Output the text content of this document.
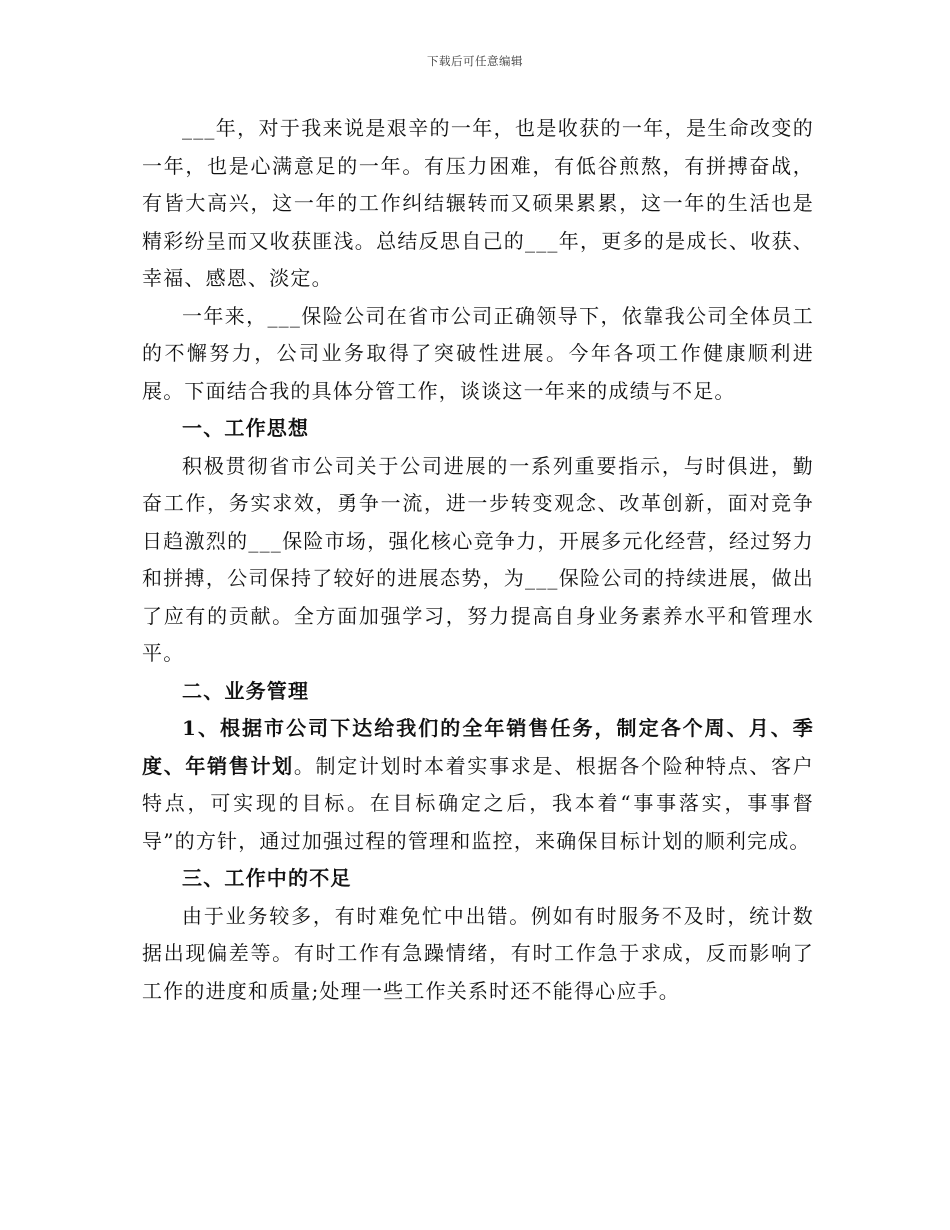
下载后可任意编辑

___年，对于我来说是艰辛的一年，也是收获的一年，是生命改变的一年，也是心满意足的一年。有压力困难，有低谷煎熬，有拼搏奋战，有皆大高兴，这一年的工作纠结辗转而又硕果累累，这一年的生活也是精彩纷呈而又收获匪浅。总结反思自己的___年，更多的是成长、收获、幸福、感恩、淡定。

一年来，___保险公司在省市公司正确领导下，依靠我公司全体员工的不懈努力，公司业务取得了突破性进展。今年各项工作健康顺利进展。下面结合我的具体分管工作，谈谈这一年来的成绩与不足。

一、工作思想

积极贯彻省市公司关于公司进展的一系列重要指示，与时俱进，勤奋工作，务实求效，勇争一流，进一步转变观念、改革创新，面对竞争日趋激烈的___保险市场，强化核心竞争力，开展多元化经营，经过努力和拼搏，公司保持了较好的进展态势，为___保险公司的持续进展，做出了应有的贡献。全方面加强学习，努力提高自身业务素养水平和管理水平。

二、业务管理

1、根据市公司下达给我们的全年销售任务，制定各个周、月、季度、年销售计划。制定计划时本着实事求是、根据各个险种特点、客户特点，可实现的目标。在目标确定之后，我本着“事事落实，事事督导”的方针，通过加强过程的管理和监控，来确保目标计划的顺利完成。

三、工作中的不足

由于业务较多，有时难免忙中出错。例如有时服务不及时，统计数据出现偏差等。有时工作有急躁情绪，有时工作急于求成，反而影响了工作的进度和质量;处理一些工作关系时还不能得心应手。
